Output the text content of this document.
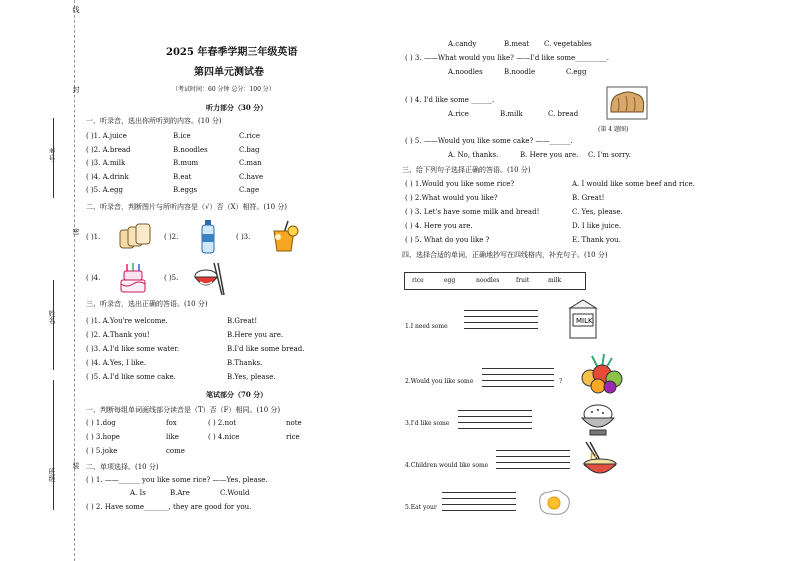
线
封
密
装
考号
姓名
班级
2025 年春季学期三年级英语
第四单元测试卷
（考试时间：60 分钟 总分：100 分）
听力部分（30 分）
一、听录音，选出你所听到的内容。(10 分)
( )1. A.juice	B.ice	C.rice
( )2. A.bread	B.noodles	C.bag
( )3. A.milk	B.mum	C.man
( )4. A.drink	B.eat	C.have
( )5. A.egg	B.eggs	C.age
二、听录音，判断图片与所听内容是（√）否（X）相符。(10 分)
( )1.	( )2.	( )3.
( )4.	( )5.
三、听录音，选出正确的答语。(10 分)
( )1. A.You're welcome.	B.Great!
( )2. A.Thank you!	B.Here you are.
( )3. A.I'd like some water.	B.I'd like some bread.
( )4. A.Yes, I like.	B.Thanks.
( )5. A.I'd like some cake.	B.Yes, please.
笔试部分（70 分）
一、判断每组单词画线部分读音是（T）否（F）相同。(10 分)
( ) 1.dog	fox	( ) 2.not	note
( ) 3.hope	like	( ) 4.nice	rice
( ) 5.joke	come
二、单项选择。(10 分)
( ) 1. ——______ you like some rice? ——Yes, please.
A. Is	B.Are	C.Would
( ) 2. Have some_______, they are good for you.
A.candy	B.meat C. vegetables
( ) 3. ——What would you like? ——I'd like some_________.
A.noodles	B.noodle	C.egg
( ) 4. I'd like some ______.
A.rice	B.milk	C. bread
(第 4 题图)
( ) 5. ——Would you like some cake? ——______.
A. No, thanks.	B. Here you are. C. I'm sorry.
三、给下列句子选择正确的答语。(10 分)
( ) 1.Would you like some rice?	A. I would like some beef and rice.
( ) 2.What would you like?	B. Great!
( ) 3. Let's have some milk and bread!	C. Yes, please.
( ) 4. Here you are.	D. I like juice.
( ) 5. What do you like ?	E. Thank you.
四、选择合适的单词，正确地抄写在四线格内，补充句子。(10 分)
rice	egg	noodles	fruit	milk
1.I need some
2.Would you like some	?
3.I'd like some
4.Children would like some
5.Eat your
MILK
